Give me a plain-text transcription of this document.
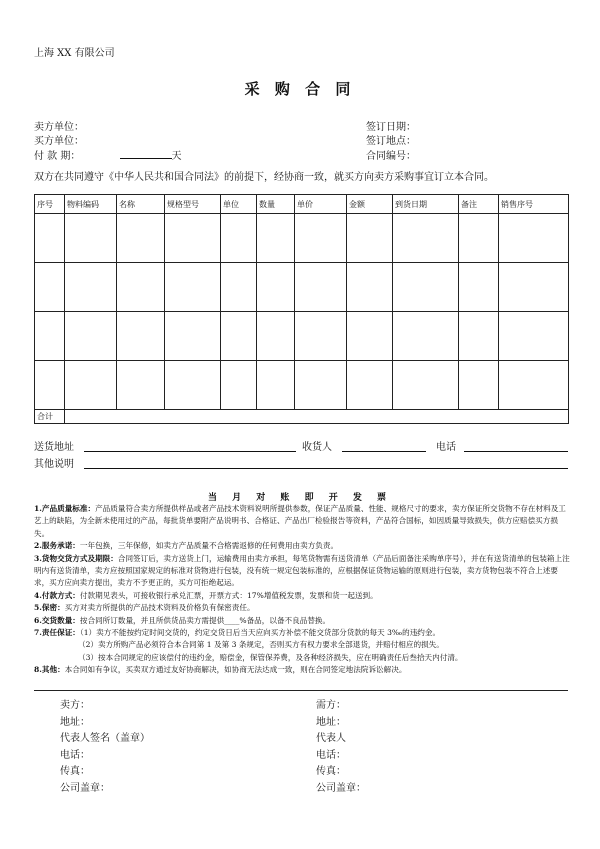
上海 XX 有限公司
采 购 合 同
卖方单位：
买方单位：
付 款 期：	天
签订日期：
签订地点：
合同编号：
双方在共同遵守《中华人民共和国合同法》的前提下，经协商一致，就买方向卖方采购事宜订立本合同。
序号	物料编码	名称	规格型号	单位	数量	单价	金额	到货日期	备注	销售序号

合计										
送货地址	收货人	电话
其他说明
当 月 对 账 即 开 发 票

1.产品质量标准：产品质量符合卖方所提供样品或者产品技术资料说明所提供参数，保证产品质量、性能、规格尺寸的要求，卖方保证所交货物不存在材料及工艺上的缺陷，为全新未使用过的产品，每批货单要附产品说明书、合格证、产品出厂检验报告等资料，产品符合国标，如因质量导致损失，供方应赔偿买方损失。

2.服务承诺：一年包换，三年保修，如卖方产品质量不合格需返修的任何费用由卖方负责。

3.货物交货方式及期限：合同签订后，卖方送货上门，运输费用由卖方承担，每笔货物需有送货清单（产品后面备注采购单序号），并在有送货清单的包装箱上注明内有送货清单，卖方应按照国家规定的标准对货物进行包装，没有统一规定包装标准的，应根据保证货物运输的原则进行包装，卖方货物包装不符合上述要求，买方应向卖方提出，卖方不予更正的，买方可拒绝起运。

4.付款方式：付款期见表头，可接收银行承兑汇票，开票方式：17%增值税发票，发票和货一起送到。

5.保密：买方对卖方所提供的产品技术资料及价格负有保密责任。

6.交货数量：按合同所订数量，并且所供货品卖方需提供____%备品，以备不良品替换。

7.责任保证：（1）卖方不能按约定时间交货的，约定交货日后当天应向买方补偿不能交货部分货款的每天 3‰的违约金。

（2）卖方所购产品必须符合本合同第 1 及第 3 条规定，否则买方有权力要求全部退货，并赔付相应的损失。

（3）按本合同规定的应该偿付的违约金，赔偿金，保管保养费，及各种经济损失，应在明确责任后叁拾天内付清。

8.其他：本合同如有争议，买卖双方通过友好协商解决，如协商无法达成一致，则在合同签定地法院诉讼解决。

卖方：
地址：
代表人签名（盖章）
电话：
传真：
公司盖章：
需方：
地址：
代表人
电话：
传真：
公司盖章：
